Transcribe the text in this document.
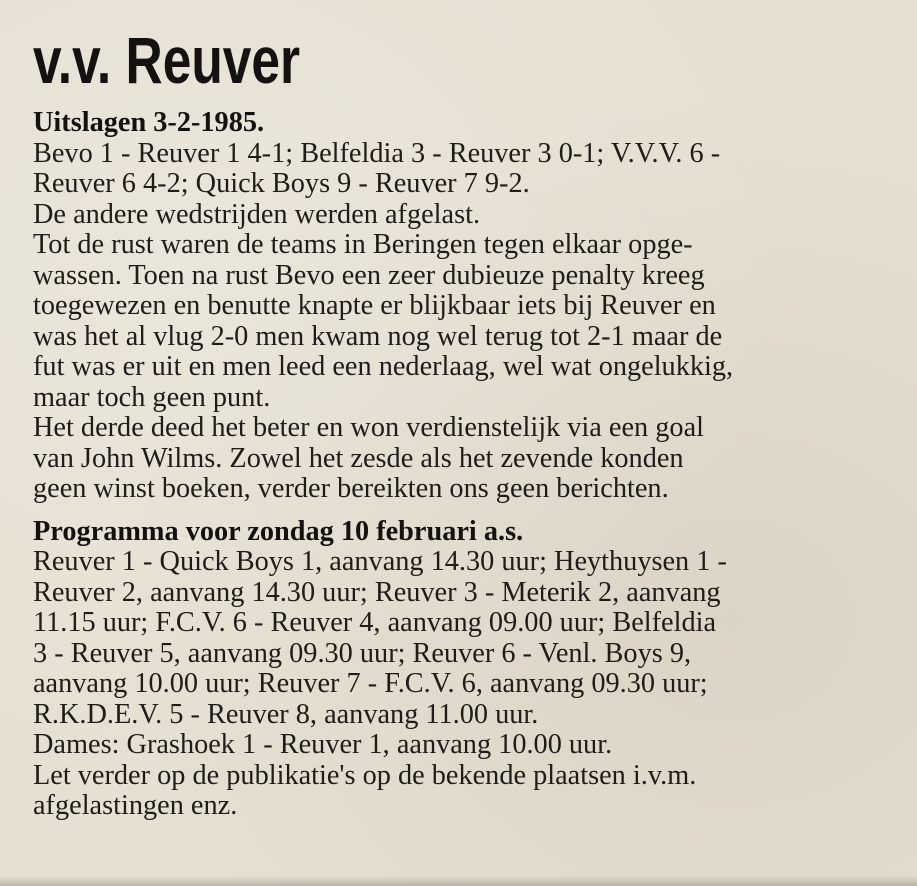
v.v. Reuver
Uitslagen 3-2-1985.
Bevo 1 - Reuver 1 4-1; Belfeldia 3 - Reuver 3 0-1; V.V.V. 6 -
Reuver 6 4-2; Quick Boys 9 - Reuver 7 9-2.
De andere wedstrijden werden afgelast.
Tot de rust waren de teams in Beringen tegen elkaar opge-
wassen. Toen na rust Bevo een zeer dubieuze penalty kreeg
toegewezen en benutte knapte er blijkbaar iets bij Reuver en
was het al vlug 2-0 men kwam nog wel terug tot 2-1 maar de
fut was er uit en men leed een nederlaag, wel wat ongelukkig,
maar toch geen punt.
Het derde deed het beter en won verdienstelijk via een goal
van John Wilms. Zowel het zesde als het zevende konden
geen winst boeken, verder bereikten ons geen berichten.
Programma voor zondag 10 februari a.s.
Reuver 1 - Quick Boys 1, aanvang 14.30 uur; Heythuysen 1 -
Reuver 2, aanvang 14.30 uur; Reuver 3 - Meterik 2, aanvang
11.15 uur; F.C.V. 6 - Reuver 4, aanvang 09.00 uur; Belfeldia
3 - Reuver 5, aanvang 09.30 uur; Reuver 6 - Venl. Boys 9,
aanvang 10.00 uur; Reuver 7 - F.C.V. 6, aanvang 09.30 uur;
R.K.D.E.V. 5 - Reuver 8, aanvang 11.00 uur.
Dames: Grashoek 1 - Reuver 1, aanvang 10.00 uur.
Let verder op de publikatie's op de bekende plaatsen i.v.m.
afgelastingen enz.
